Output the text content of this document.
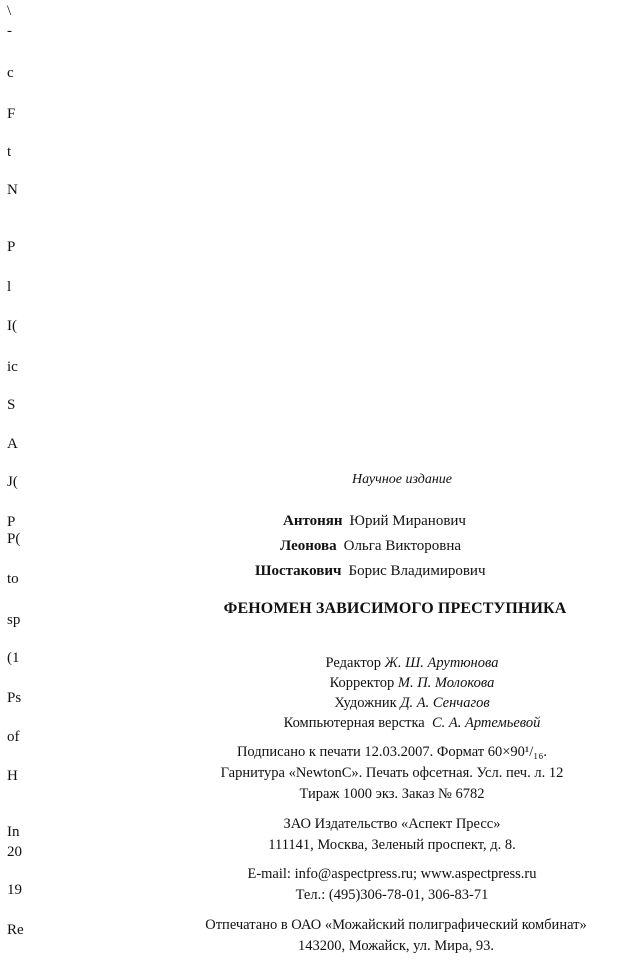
\
-
c
F
t
N
P
l
I(
ic
S
A
J(
P
P(
to
sp
(1
Ps
of
H
In
20
19
Re
Научное издание
Антонян Юрий Миранович
Леонова Ольга Викторовна
Шостакович Борис Владимирович
ФЕНОМЕН ЗАВИСИМОГО ПРЕСТУПНИКА
Редактор Ж. Ш. Арутюнова
Корректор М. П. Молокова
Художник Д. А. Сенчагов
Компьютерная верстка С. А. Артемьевой
Подписано к печати 12.03.2007. Формат 60×90¹/₁₆.
Гарнитура «NewtonC». Печать офсетная. Усл. печ. л. 12
Тираж 1000 экз. Заказ № 6782
ЗАО Издательство «Аспект Пресс»
111141, Москва, Зеленый проспект, д. 8.
E-mail: info@aspectpress.ru; www.aspectpress.ru
Тел.: (495)306-78-01, 306-83-71
Отпечатано в ОАО «Можайский полиграфический комбинат»
143200, Можайск, ул. Мира, 93.
